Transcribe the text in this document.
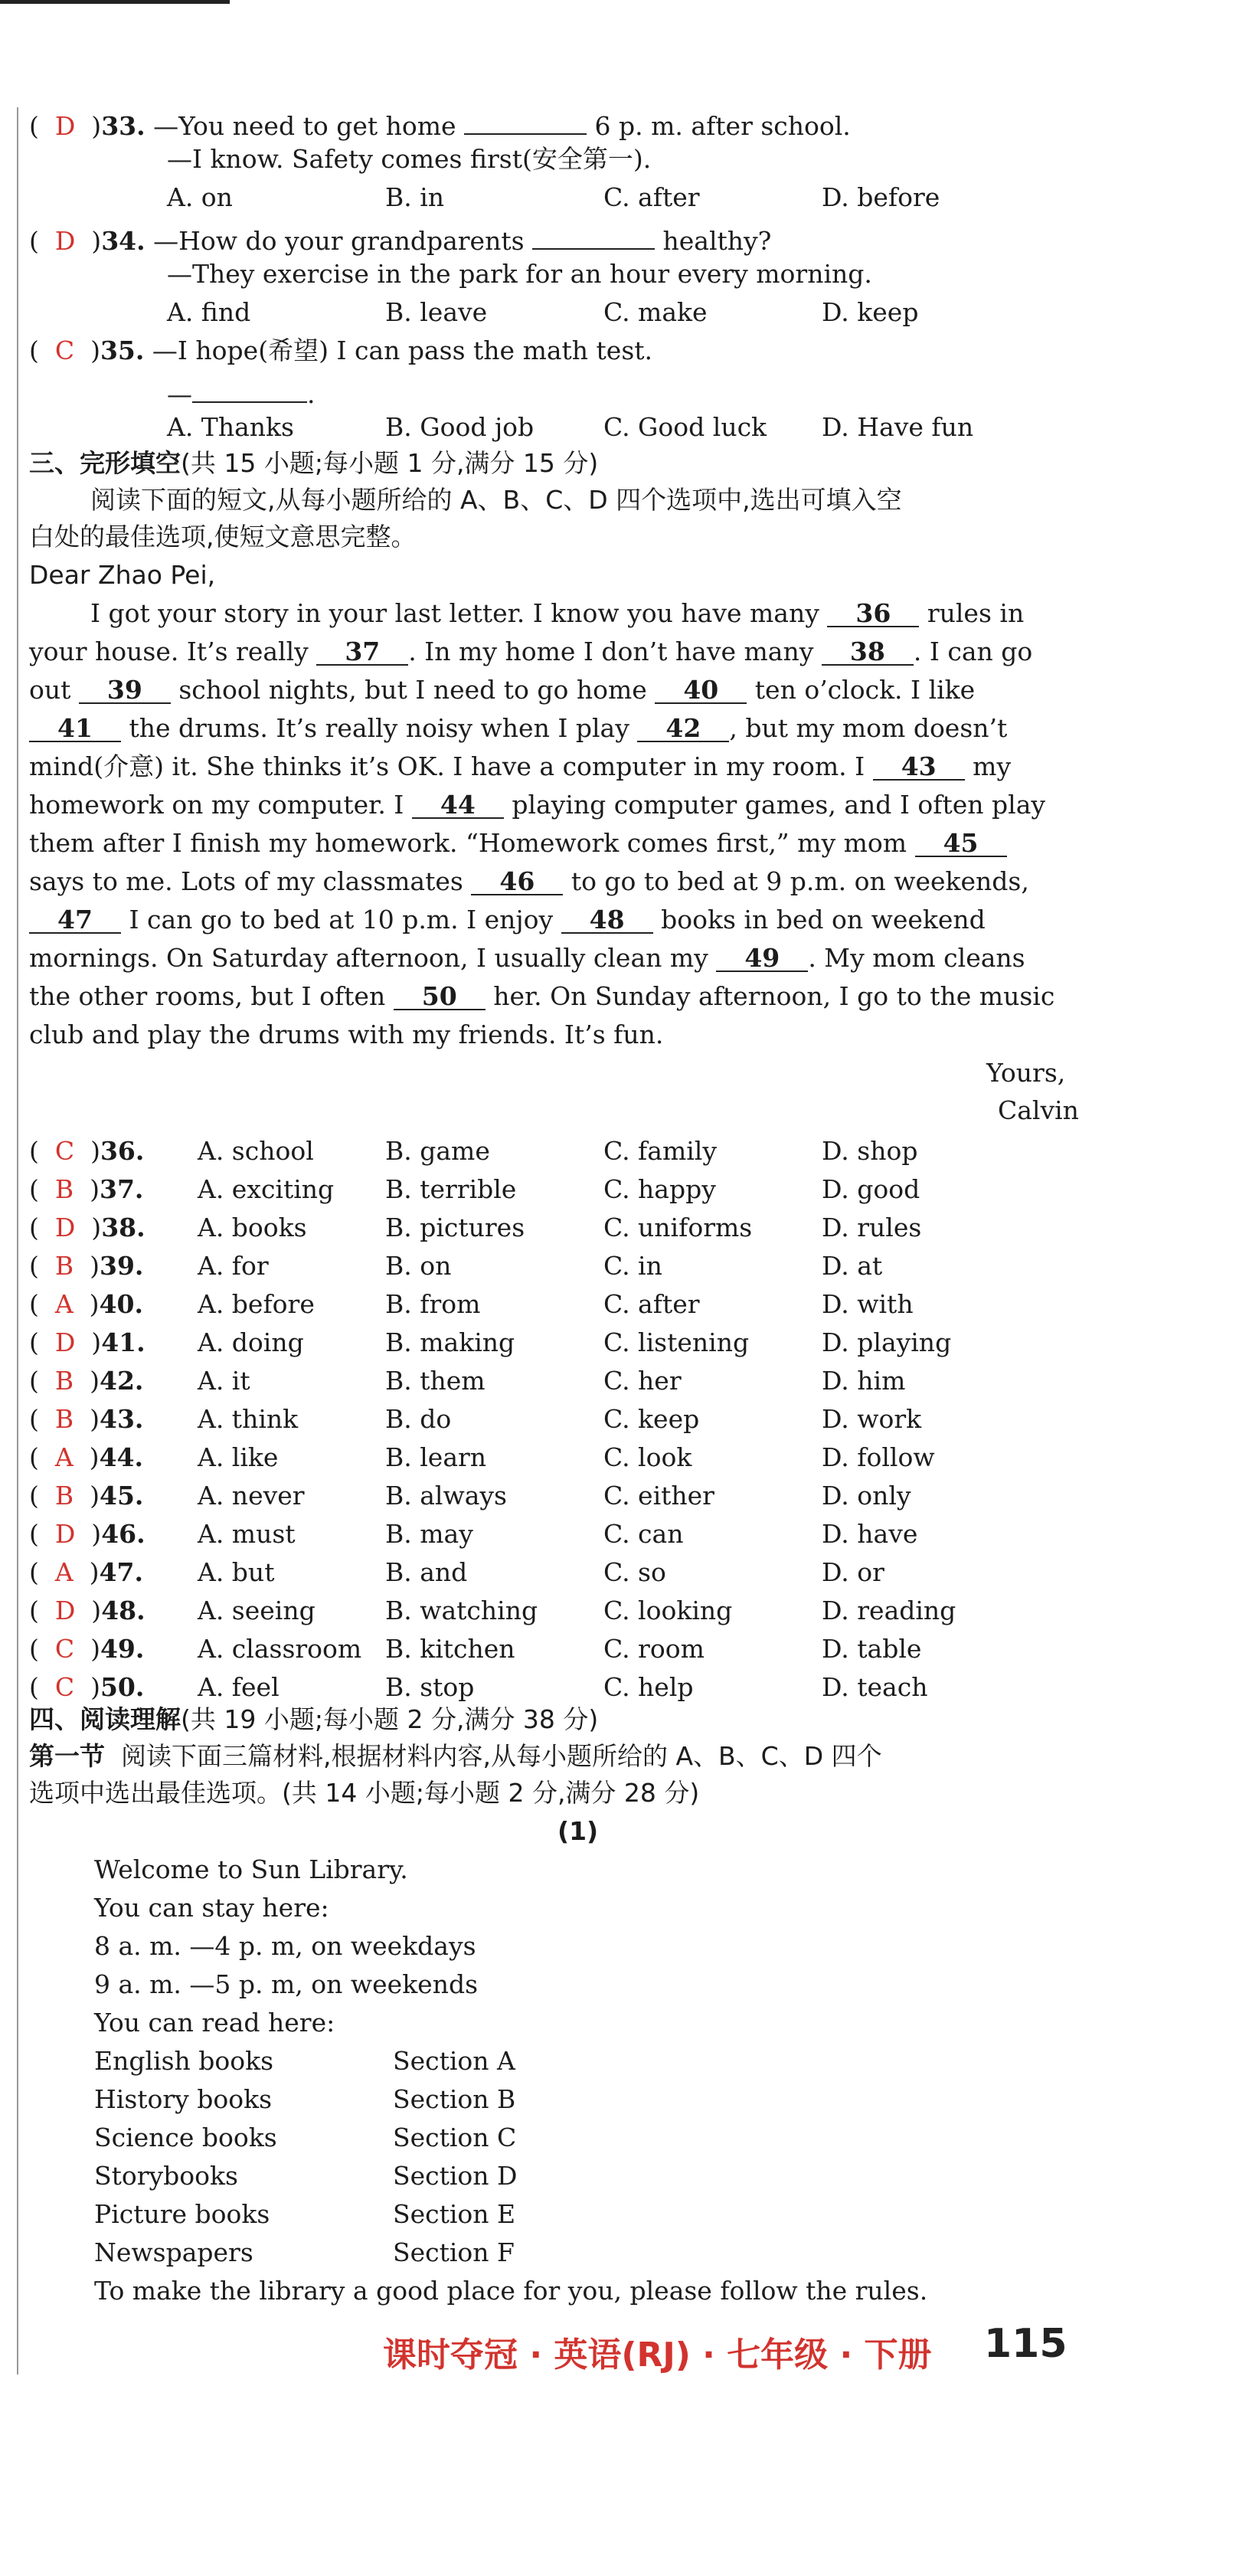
(  D  )33. —You need to get home	6 p. m. after school.
—I know. Safety comes first(安全第一).
A. on	B. in	C. after	D. before
(  D  )34. —How do your grandparents	healthy?
—They exercise in the park for an hour every morning.
A. find	B. leave	C. make	D. keep
(  C  )35. —I hope(希望) I can pass the math test.
—	.
A. Thanks	B. Good job	C. Good luck D. Have fun
三、完形填空(共 15 小题;每小题 1 分,满分 15 分)
阅读下面的短文,从每小题所给的 A、B、C、D 四个选项中,选出可填入空
白处的最佳选项,使短文意思完整。
Dear Zhao Pei,
I got your story in your last letter. I know you have many 36 rules in
your house. It’s really 37 . In my home I don’t have many 38 . I can go
out 39 school nights, but I need to go home 40 ten o’clock. I like
41 the drums. It’s really noisy when I play 42 , but my mom doesn’t
mind(介意) it. She thinks it’s OK. I have a computer in my room. I 43 my
homework on my computer. I 44 playing computer games, and I often play
them after I finish my homework. “Homework comes first,” my mom 45
says to me. Lots of my classmates 46 to go to bed at 9 p.m. on weekends,
47 I can go to bed at 10 p.m. I enjoy 48 books in bed on weekend
mornings. On Saturday afternoon, I usually clean my 49 . My mom cleans
the other rooms, but I often 50 her. On Sunday afternoon, I go to the music
club and play the drums with my friends. It’s fun.
Yours,
Calvin
(  C  )36. A. school	B. game	C. family	D. shop
(  B  )37. A. exciting B. terrible	C. happy	D. good
(  D  )38. A. books	B. pictures	C. uniforms	D. rules
(  B  )39. A. for	B. on	C. in	D. at
(  A  )40. A. before	B. from	C. after	D. with
(  D  )41. A. doing	B. making	C. listening	D. playing
(  B  )42. A. it	B. them	C. her	D. him
(  B  )43. A. think	B. do	C. keep	D. work
(  A  )44. A. like	B. learn	C. look	D. follow
(  B  )45. A. never	B. always	C. either	D. only
(  D  )46. A. must	B. may	C. can	D. have
(  A  )47. A. but	B. and	C. so	D. or
(  D  )48. A. seeing	B. watching	C. looking	D. reading
(  C  )49. A. classroom B. kitchen	C. room	D. table
(  C  )50. A. feel	B. stop	C. help	D. teach
四、阅读理解(共 19 小题;每小题 2 分,满分 38 分)
第一节 阅读下面三篇材料,根据材料内容,从每小题所给的 A、B、C、D 四个
选项中选出最佳选项。(共 14 小题;每小题 2 分,满分 28 分)
(1)
Welcome to Sun Library.
You can stay here:
8 a. m. —4 p. m, on weekdays
9 a. m. —5 p. m, on weekends
You can read here:
English books	Section A
History books	Section B
Science books	Section C
Storybooks	Section D
Picture books	Section E
Newspapers	Section F
To make the library a good place for you, please follow the rules.
课时夺冠 · 英语(RJ) · 七年级 · 下册 115
